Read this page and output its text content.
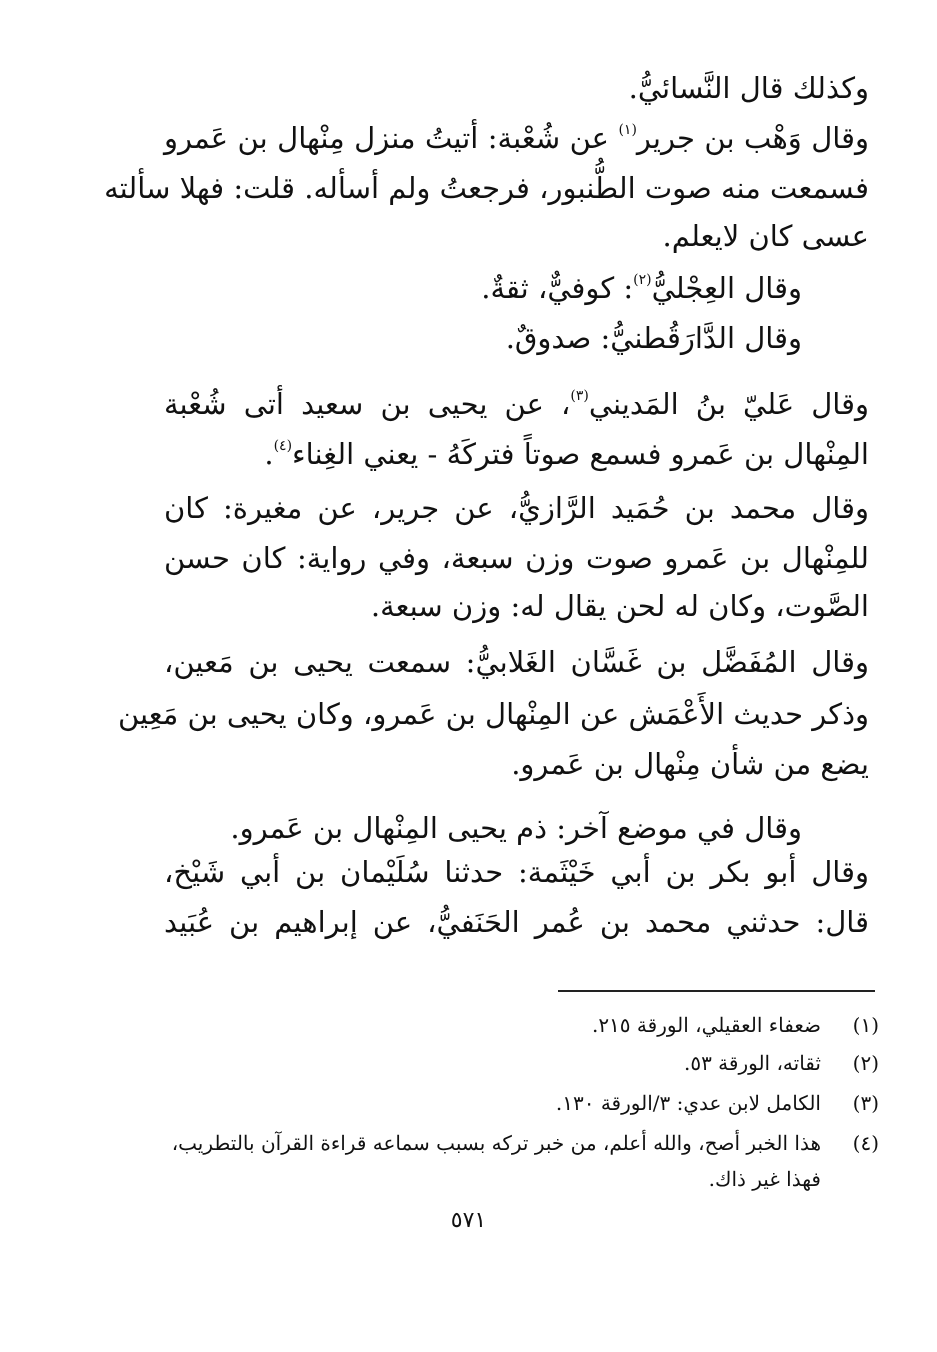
وكذلك قال النَّسائيُّ.
وقال وَهْب بن جرير$^{(١)}$ عن شُعْبة: أتيتُ منزل مِنْهال بن عَمرو
فسمعت منه صوت الطُّنبور، فرجعتُ ولم أسأله. قلت: فهلا سألته
عسى كان لايعلم.
وقال العِجْليُّ$^{(٢)}$: كوفيٌّ، ثقةٌ.
وقال الدَّارَقُطنيُّ: صدوقٌ.
وقال عَليّ بنُ المَديني$^{(٣)}$، عن يحيى بن سعيد أتى شُعْبة
المِنْهال بن عَمرو فسمع صوتاً فتركَهُ - يعني الغِناء$^{(٤)}$.
وقال محمد بن حُمَيد الرَّازيُّ، عن جرير، عن مغيرة: كان
للمِنْهال بن عَمرو صوت وزن سبعة، وفي رواية: كان حسن
الصَّوت، وكان له لحن يقال له: وزن سبعة.
وقال المُفَضَّل بن غَسَّان الغَلابيُّ: سمعت يحيى بن مَعين،
وذكر حديث الأَعْمَش عن المِنْهال بن عَمرو، وكان يحيى بن مَعِين
يضع من شأن مِنْهال بن عَمرو.
وقال في موضع آخر: ذم يحيى المِنْهال بن عَمرو.
وقال أبو بكر بن أبي خَيْثَمة: حدثنا سُلَيْمان بن أبي شَيْخ،
قال: حدثني محمد بن عُمر الحَنَفيُّ، عن إبراهيم بن عُبَيد
(١)ضعفاء العقيلي، الورقة ٢١٥.
(٢)ثقاته، الورقة ٥٣.
(٣)الكامل لابن عدي: ٣/الورقة ١٣٠.
(٤)هذا الخبر أصح، والله أعلم، من خبر تركه بسبب سماعه قراءة القرآن بالتطريب،
فهذا غير ذاك.
٥٧١
